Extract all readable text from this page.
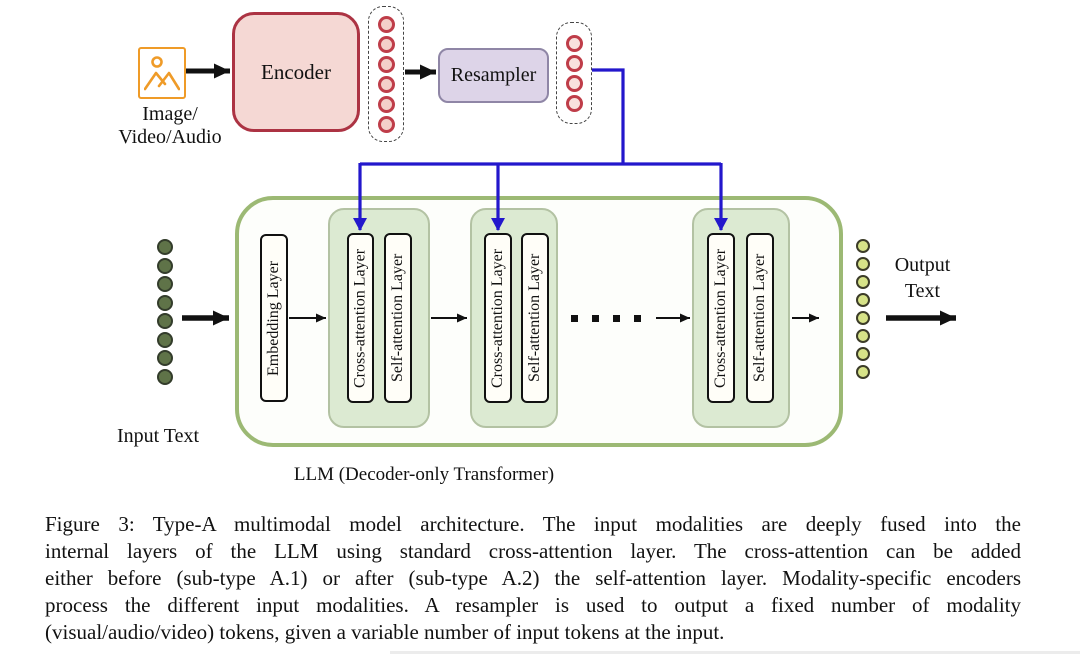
Image/
Video/Audio
Encoder	Resampler
LLM (Decoder-only Transformer)
Embedding Layer	Cross-attention Layer	Self-attention Layer	Cross-attention Layer	Self-attention Layer	Cross-attention Layer	Self-attention Layer
Input Text
Output
Text
Figure 3: Type-A multimodal model architecture. The input modalities are deeply fused into the
internal layers of the LLM using standard cross-attention layer. The cross-attention can be added
either before (sub-type A.1) or after (sub-type A.2) the self-attention layer. Modality-specific encoders
process the different input modalities. A resampler is used to output a fixed number of modality
(visual/audio/video) tokens, given a variable number of input tokens at the input.
